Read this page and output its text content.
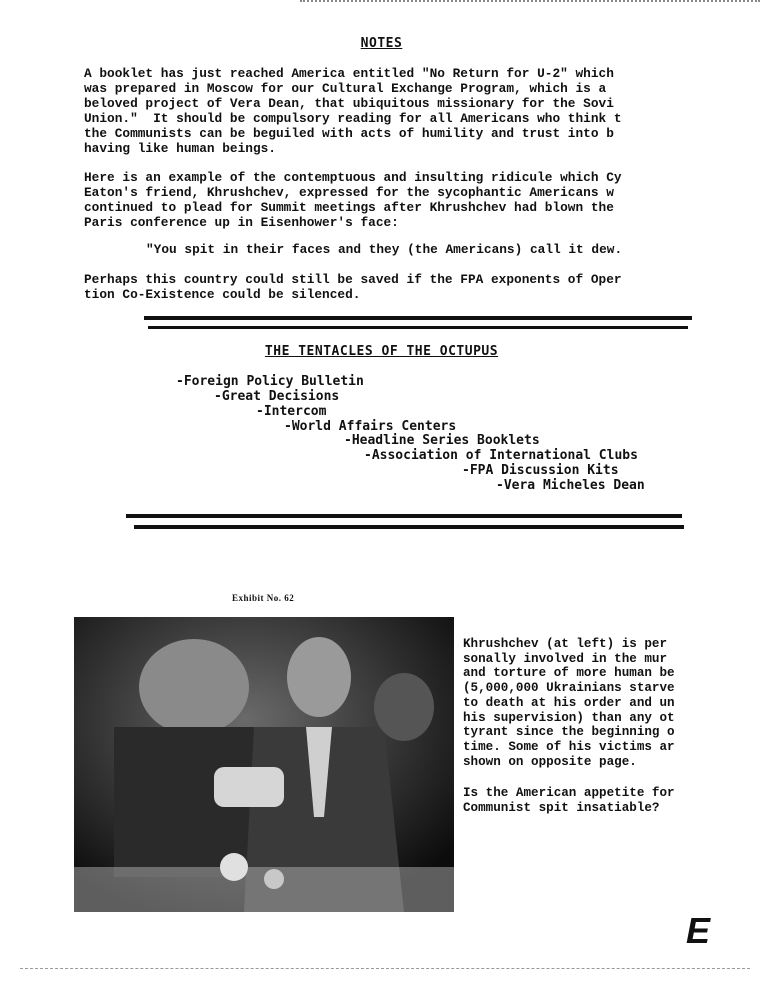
NOTES
A booklet has just reached America entitled "No Return for U-2" which
was prepared in Moscow for our Cultural Exchange Program, which is a
beloved project of Vera Dean, that ubiquitous missionary for the Sovi
Union."  It should be compulsory reading for all Americans who think t
the Communists can be beguiled with acts of humility and trust into b
having like human beings.
Here is an example of the contemptuous and insulting ridicule which Cy
Eaton's friend, Khrushchev, expressed for the sycophantic Americans w
continued to plead for Summit meetings after Khrushchev had blown the
Paris conference up in Eisenhower's face:
"You spit in their faces and they (the Americans) call it dew.
Perhaps this country could still be saved if the FPA exponents of Oper
tion Co-Existence could be silenced.
THE TENTACLES OF THE OCTUPUS
-Foreign Policy Bulletin
-Great Decisions
-Intercom
-World Affairs Centers
-Headline Series Booklets
-Association of International Clubs
-FPA Discussion Kits
-Vera Micheles Dean
Exhibit No. 62
Khrushchev (at left) is per
sonally involved in the mur
and torture of more human be
(5,000,000 Ukrainians starve
to death at his order and un
his supervision) than any ot
tyrant since the beginning o
time. Some of his victims ar
shown on opposite page.
Is the American appetite for
Communist spit insatiable?
E
